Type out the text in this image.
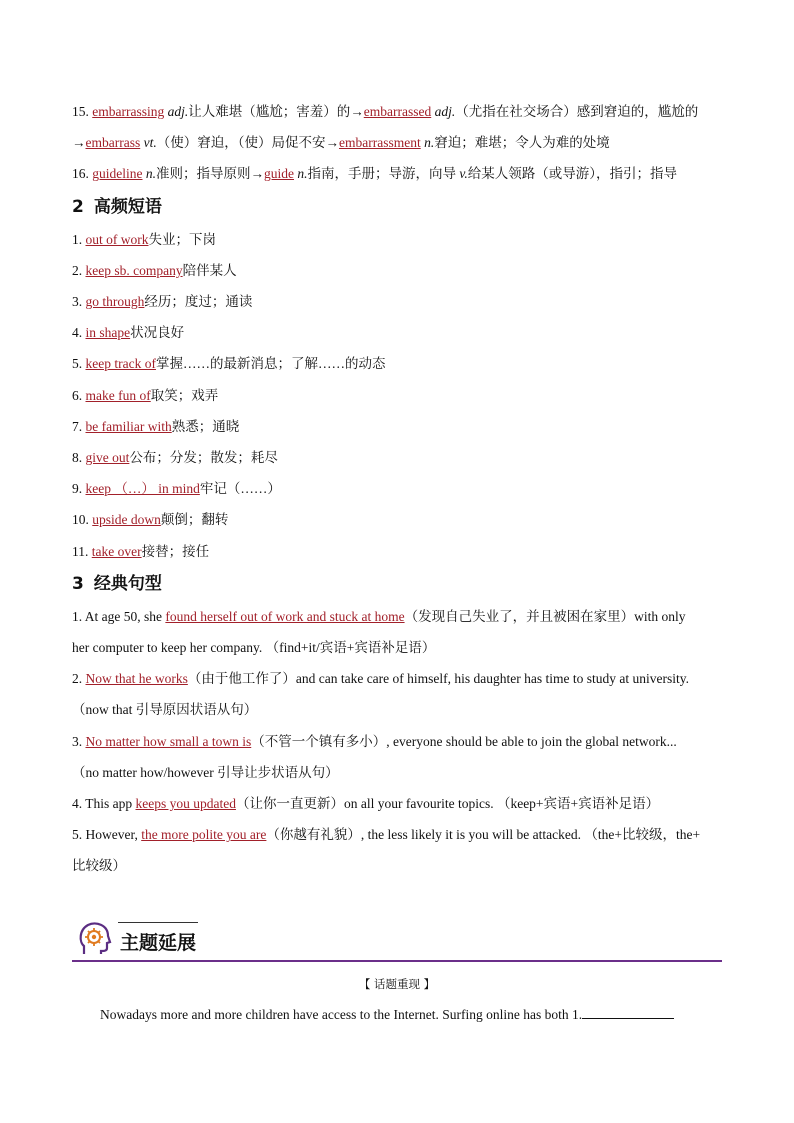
15. embarrassing adj.让人难堪（尴尬；害羞）的→embarrassed adj.（尤指在社交场合）感到窘迫的，尴尬的
→embarrass vt.（使）窘迫，（使）局促不安→embarrassment n.窘迫；难堪；令人为难的处境
16. guideline n.准则；指导原则→guide n.指南，手册；导游，向导 v.给某人领路（或导游），指引；指导
2 高频短语
1. out of work失业；下岗
2. keep sb. company陪伴某人
3. go through经历；度过；通读
4. in shape状况良好
5. keep track of掌握……的最新消息；了解……的动态
6. make fun of取笑；戏弄
7. be familiar with熟悉；通晓
8. give out公布；分发；散发；耗尽
9. keep （…） in mind牢记（……）
10. upside down颠倒；翻转
11. take over接替；接任
3 经典句型
1. At age 50, she found herself out of work and stuck at home（发现自己失业了，并且被困在家里）with only
her computer to keep her company. （find+it/宾语+宾语补足语）
2. Now that he works（由于他工作了）and can take care of himself, his daughter has time to study at university.
（now that 引导原因状语从句）
3. No matter how small a town is（不管一个镇有多小）, everyone should be able to join the global network...
（no matter how/however 引导让步状语从句）
4. This app keeps you updated（让你一直更新）on all your favourite topics. （keep+宾语+宾语补足语）
5. However, the more polite you are（你越有礼貌）, the less likely it is you will be attacked. （the+比较级，the+
比较级）
主题延展
【 话题重现 】
Nowadays more and more children have access to the Internet. Surfing online has both 1.
